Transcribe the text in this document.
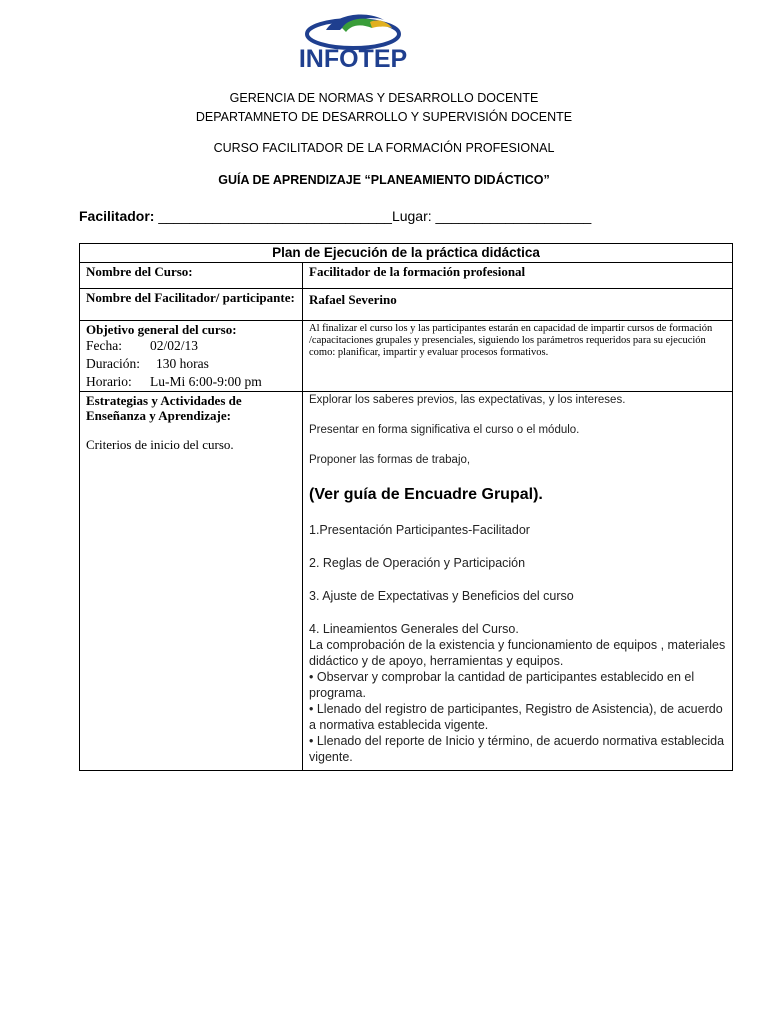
INFOTEP
GERENCIA DE NORMAS Y DESARROLLO DOCENTE
DEPARTAMNETO DE DESARROLLO Y SUPERVISIÓN DOCENTE
CURSO FACILITADOR DE LA FORMACIÓN PROFESIONAL
GUÍA DE APRENDIZAJE “PLANEAMIENTO DIDÁCTICO”
Facilitador: ______________________________Lugar: ____________________
Plan de Ejecución de la práctica didáctica
Nombre del Curso:	Facilitador de la formación profesional
Nombre del Facilitador/ participante:	Rafael Severino
Objetivo general del curso:
Fecha: 02/02/13
Duración: 130 horas
Horario: Lu-Mi 6:00-9:00 pm
Al finalizar el curso los y las participantes estarán en capacidad de impartir cursos de formación /capacitaciones grupales y presenciales, siguiendo los parámetros requeridos para su ejecución como: planificar, impartir y evaluar procesos formativos.
Estrategias y Actividades de Enseñanza y Aprendizaje:
Criterios de inicio del curso.
Explorar los saberes previos, las expectativas, y los intereses.
Presentar en forma significativa el curso o el módulo.
Proponer las formas de trabajo,
(Ver guía de Encuadre Grupal).
1.Presentación Participantes-Facilitador
2. Reglas de Operación y Participación
3. Ajuste de Expectativas y Beneficios del curso
4. Lineamientos Generales del Curso.
La comprobación de la existencia y funcionamiento de equipos , materiales didáctico y de apoyo, herramientas y equipos.
• Observar y comprobar la cantidad de participantes establecido en el programa.
• Llenado del registro de participantes, Registro de Asistencia), de acuerdo a normativa establecida vigente.
• Llenado del reporte de Inicio y término, de acuerdo normativa establecida vigente.
